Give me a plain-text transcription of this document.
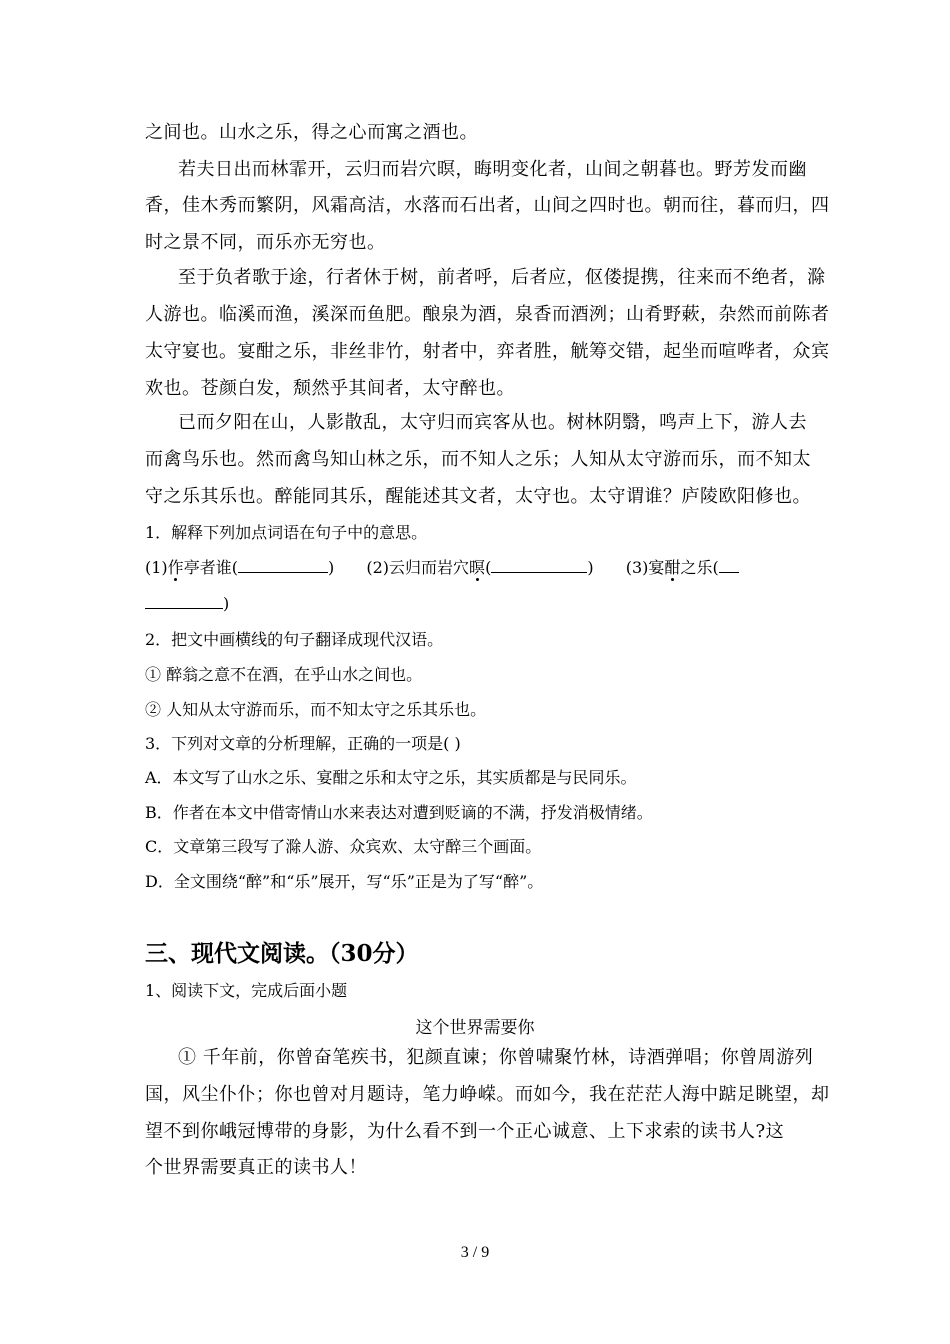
之间也。山水之乐，得之心而寓之酒也。
若夫日出而林霏开，云归而岩穴暝，晦明变化者，山间之朝暮也。野芳发而幽
香，佳木秀而繁阴，风霜高洁，水落而石出者，山间之四时也。朝而往，暮而归，四
时之景不同，而乐亦无穷也。
至于负者歌于途，行者休于树，前者呼，后者应，伛偻提携，往来而不绝者，滁
人游也。临溪而渔，溪深而鱼肥。酿泉为酒，泉香而酒洌；山肴野蔌，杂然而前陈者
太守宴也。宴酣之乐，非丝非竹，射者中，弈者胜，觥筹交错，起坐而喧哗者，众宾
欢也。苍颜白发，颓然乎其间者，太守醉也。
已而夕阳在山，人影散乱，太守归而宾客从也。树林阴翳，鸣声上下，游人去
而禽鸟乐也。然而禽鸟知山林之乐，而不知人之乐；人知从太守游而乐，而不知太
守之乐其乐也。醉能同其乐，醒能述其文者，太守也。太守谓谁？庐陵欧阳修也。
1．解释下列加点词语在句子中的意思。
(1)作亭者谁(	) (2)云归而岩穴暝(	) (3)宴酣之乐(
)
2．把文中画横线的句子翻译成现代汉语。
① 醉翁之意不在酒，在乎山水之间也。
② 人知从太守游而乐，而不知太守之乐其乐也。
3．下列对文章的分析理解，正确的一项是( )
A．本文写了山水之乐、宴酣之乐和太守之乐，其实质都是与民同乐。
B．作者在本文中借寄情山水来表达对遭到贬谪的不满，抒发消极情绪。
C．文章第三段写了滁人游、众宾欢、太守醉三个画面。
D．全文围绕“醉”和“乐”展开，写“乐”正是为了写“醉”。
三、现代文阅读。（30分）
1、阅读下文，完成后面小题
这个世界需要你
① 千年前，你曾奋笔疾书，犯颜直谏；你曾啸聚竹林，诗酒弹唱；你曾周游列
国，风尘仆仆；你也曾对月题诗，笔力峥嵘。而如今，我在茫茫人海中踮足眺望，却
望不到你峨冠博带的身影，为什么看不到一个正心诚意、上下求索的读书人?这
个世界需要真正的读书人！
3 / 9
